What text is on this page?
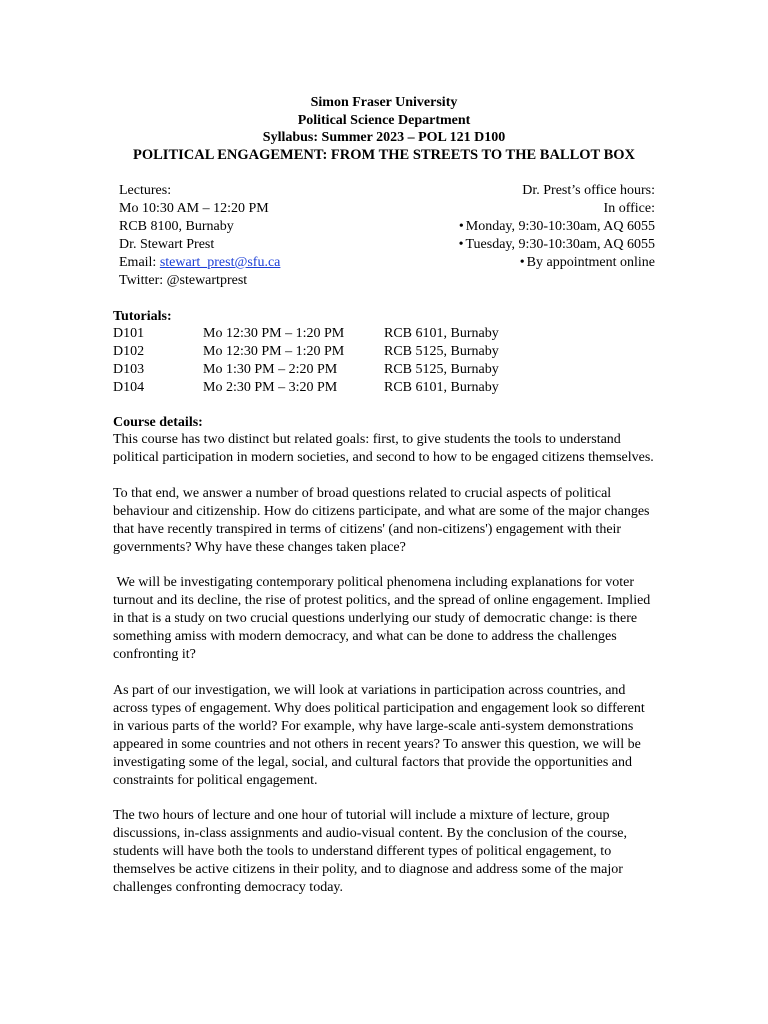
Simon Fraser University
Political Science Department
Syllabus: Summer 2023 – POL 121 D100
POLITICAL ENGAGEMENT: FROM THE STREETS TO THE BALLOT BOX
Lectures:
Mo 10:30 AM – 12:20 PM
RCB 8100, Burnaby
Dr. Stewart Prest
Email: stewart_prest@sfu.ca
Twitter: @stewartprest
Dr. Prest’s office hours:
In office:
• Monday, 9:30-10:30am, AQ 6055
• Tuesday, 9:30-10:30am, AQ 6055
• By appointment online
Tutorials:
D101	Mo 12:30 PM – 1:20 PM	RCB 6101, Burnaby
D102	Mo 12:30 PM – 1:20 PM	RCB 5125, Burnaby
D103	Mo 1:30 PM – 2:20 PM	RCB 5125, Burnaby
D104	Mo 2:30 PM – 3:20 PM	RCB 6101, Burnaby
Course details:

This course has two distinct but related goals: first, to give students the tools to understand political participation in modern societies, and second to how to be engaged citizens themselves.

To that end, we answer a number of broad questions related to crucial aspects of political behaviour and citizenship. How do citizens participate, and what are some of the major changes that have recently transpired in terms of citizens' (and non-citizens') engagement with their governments? Why have these changes taken place?

We will be investigating contemporary political phenomena including explanations for voter turnout and its decline, the rise of protest politics, and the spread of online engagement. Implied in that is a study on two crucial questions underlying our study of democratic change: is there something amiss with modern democracy, and what can be done to address the challenges confronting it?

As part of our investigation, we will look at variations in participation across countries, and across types of engagement. Why does political participation and engagement look so different in various parts of the world? For example, why have large-scale anti-system demonstrations appeared in some countries and not others in recent years? To answer this question, we will be investigating some of the legal, social, and cultural factors that provide the opportunities and constraints for political engagement.

The two hours of lecture and one hour of tutorial will include a mixture of lecture, group discussions, in-class assignments and audio-visual content. By the conclusion of the course, students will have both the tools to understand different types of political engagement, to themselves be active citizens in their polity, and to diagnose and address some of the major challenges confronting democracy today.
